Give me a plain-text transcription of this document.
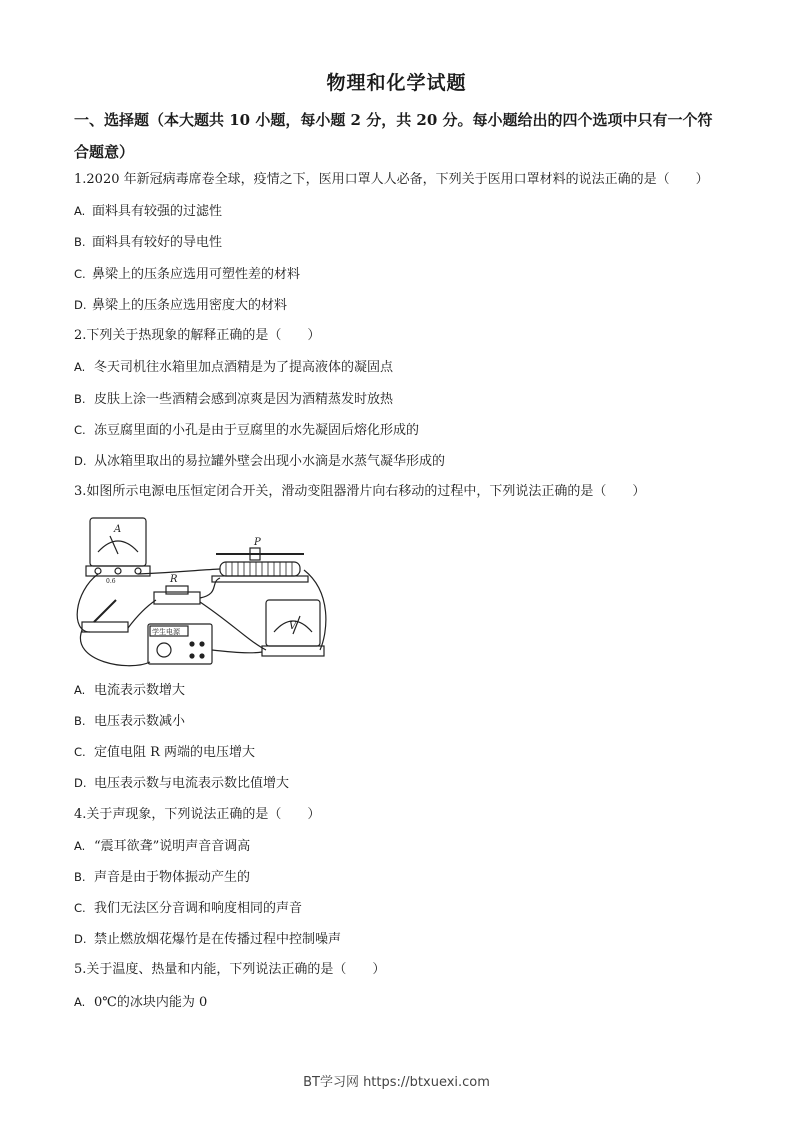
物理和化学试题
一、选择题（本大题共 10 小题，每小题 2 分，共 20 分。每小题给出的四个选项中只有一个符合题意）
1.2020 年新冠病毒席卷全球，疫情之下，医用口罩人人必备，下列关于医用口罩材料的说法正确的是（　　）
A. 面料具有较强的过滤性
B. 面料具有较好的导电性
C. 鼻梁上的压条应选用可塑性差的材料
D. 鼻梁上的压条应选用密度大的材料
2.下列关于热现象的解释正确的是（　　）
A. 冬天司机往水箱里加点酒精是为了提高液体的凝固点
B. 皮肤上涂一些酒精会感到凉爽是因为酒精蒸发时放热
C. 冻豆腐里面的小孔是由于豆腐里的水先凝固后熔化形成的
D. 从冰箱里取出的易拉罐外壁会出现小水滴是水蒸气凝华形成的
3.如图所示电源电压恒定闭合开关，滑动变阻器滑片向右移动的过程中，下列说法正确的是（　　）
A
P
R
V
学生电源
0.6
A. 电流表示数增大
B. 电压表示数减小
C. 定值电阻 R 两端的电压增大
D. 电压表示数与电流表示数比值增大
4.关于声现象，下列说法正确的是（　　）
A. “震耳欲聋”说明声音音调高
B. 声音是由于物体振动产生的
C. 我们无法区分音调和响度相同的声音
D. 禁止燃放烟花爆竹是在传播过程中控制噪声
5.关于温度、热量和内能，下列说法正确的是（　　）
A. 0℃的冰块内能为 0
BT学习网 https://btxuexi.com
